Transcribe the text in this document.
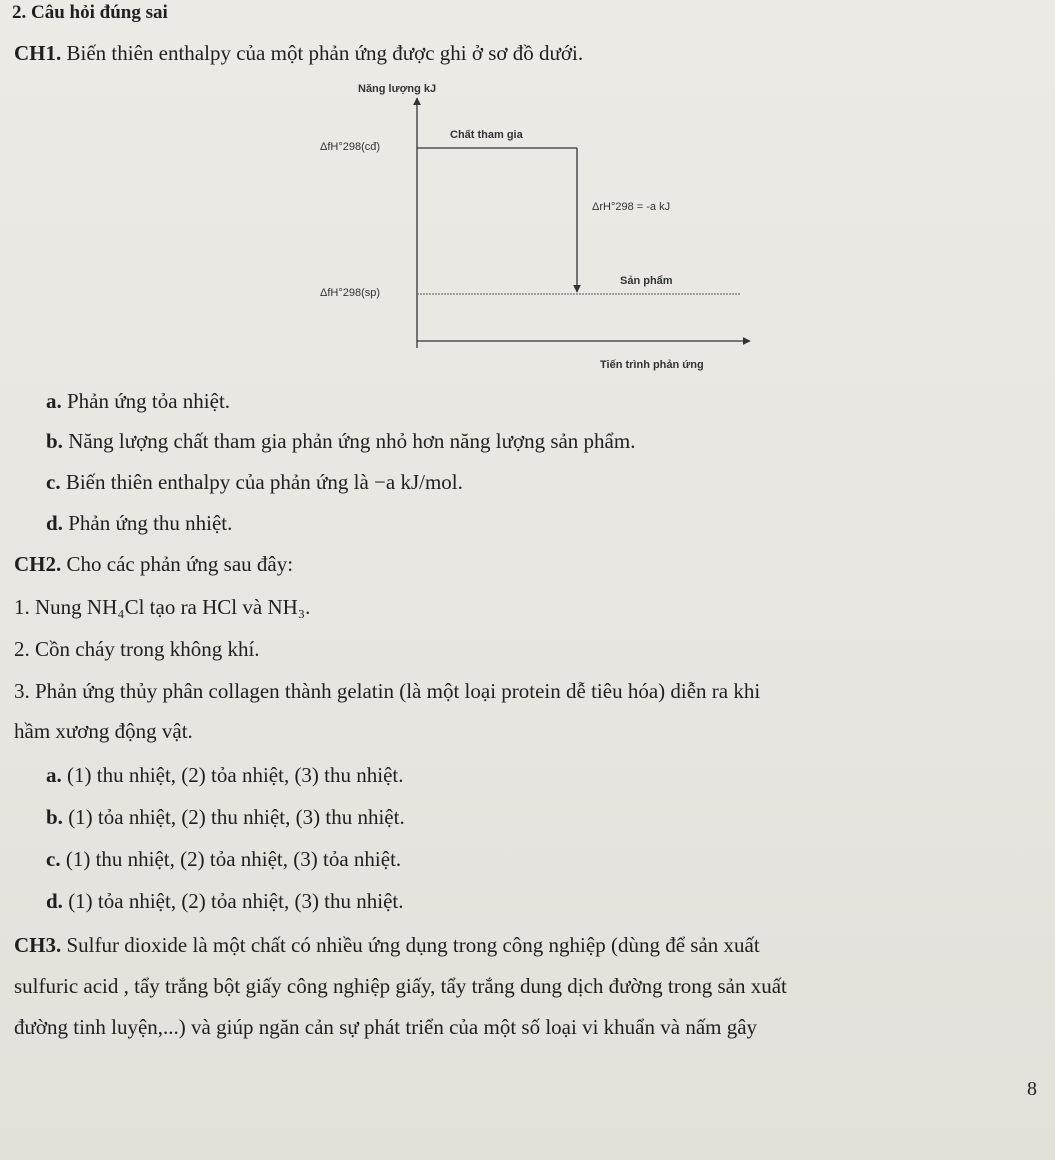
2. Câu hỏi đúng sai
CH1. Biến thiên enthalpy của một phản ứng được ghi ở sơ đồ dưới.
Năng lượng kJ
Chất tham gia
ΔfH°298(cđ)
ΔrH°298 = -a kJ
Sản phẩm
ΔfH°298(sp)
Tiến trình phản ứng
a. Phản ứng tỏa nhiệt.
b. Năng lượng chất tham gia phản ứng nhỏ hơn năng lượng sản phẩm.
c. Biến thiên enthalpy của phản ứng là −a kJ/mol.
d. Phản ứng thu nhiệt.
CH2. Cho các phản ứng sau đây:
1. Nung NH₄Cl tạo ra HCl và NH₃.
2. Cồn cháy trong không khí.
3. Phản ứng thủy phân collagen thành gelatin (là một loại protein dễ tiêu hóa) diễn ra khi
hầm xương động vật.
a. (1) thu nhiệt, (2) tỏa nhiệt, (3) thu nhiệt.
b. (1) tỏa nhiệt, (2) thu nhiệt, (3) thu nhiệt.
c. (1) thu nhiệt, (2) tỏa nhiệt, (3) tỏa nhiệt.
d. (1) tỏa nhiệt, (2) tỏa nhiệt, (3) thu nhiệt.
CH3. Sulfur dioxide là một chất có nhiều ứng dụng trong công nghiệp (dùng để sản xuất
sulfuric acid , tẩy trắng bột giấy công nghiệp giấy, tẩy trắng dung dịch đường trong sản xuất
đường tinh luyện,...) và giúp ngăn cản sự phát triển của một số loại vi khuẩn và nấm gây
8
